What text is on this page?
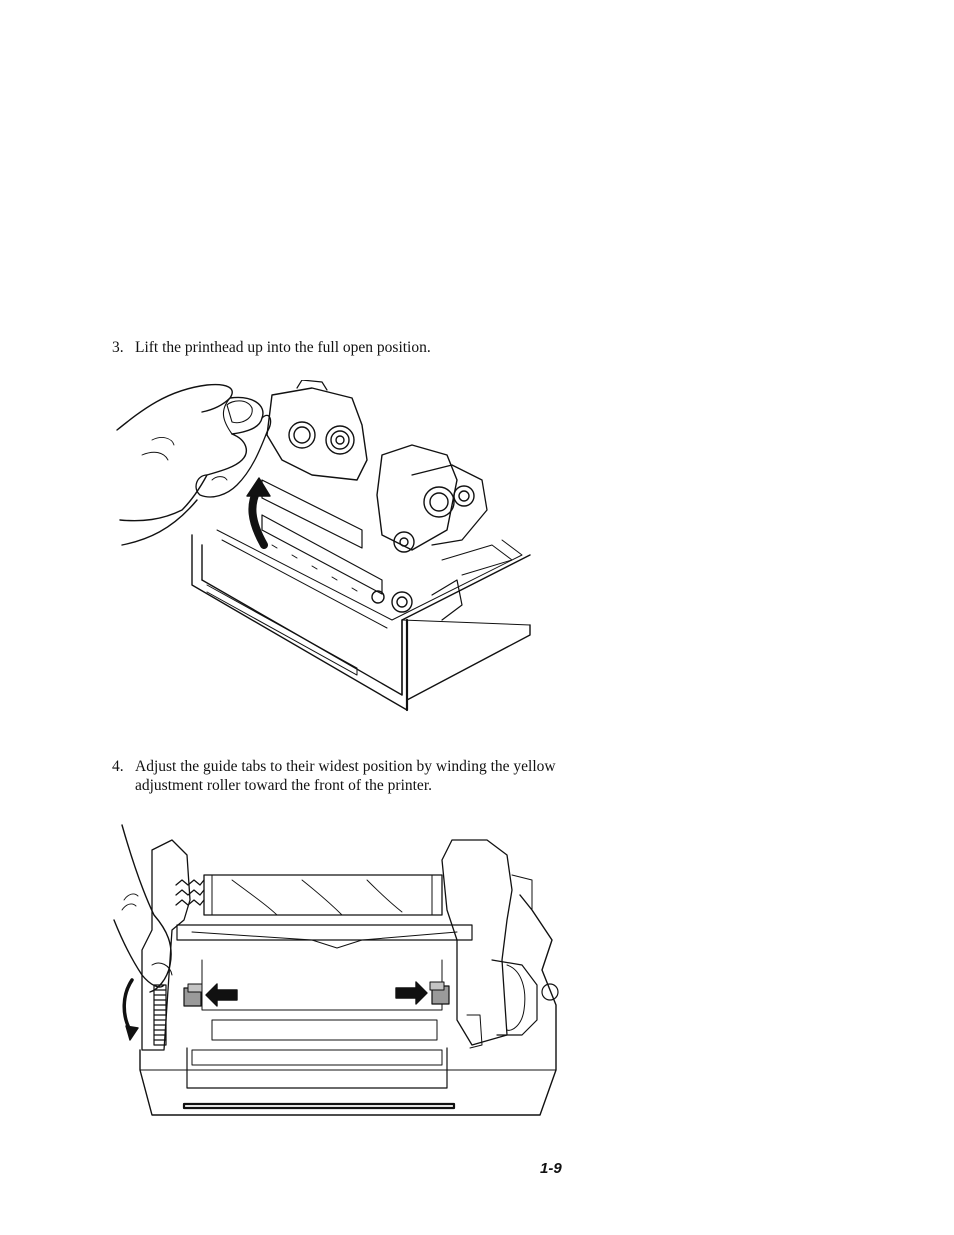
3. Lift the printhead up into the full open position.
4. Adjust the guide tabs to their widest position by winding the yellow adjustment roller toward the front of the printer.
1-9
